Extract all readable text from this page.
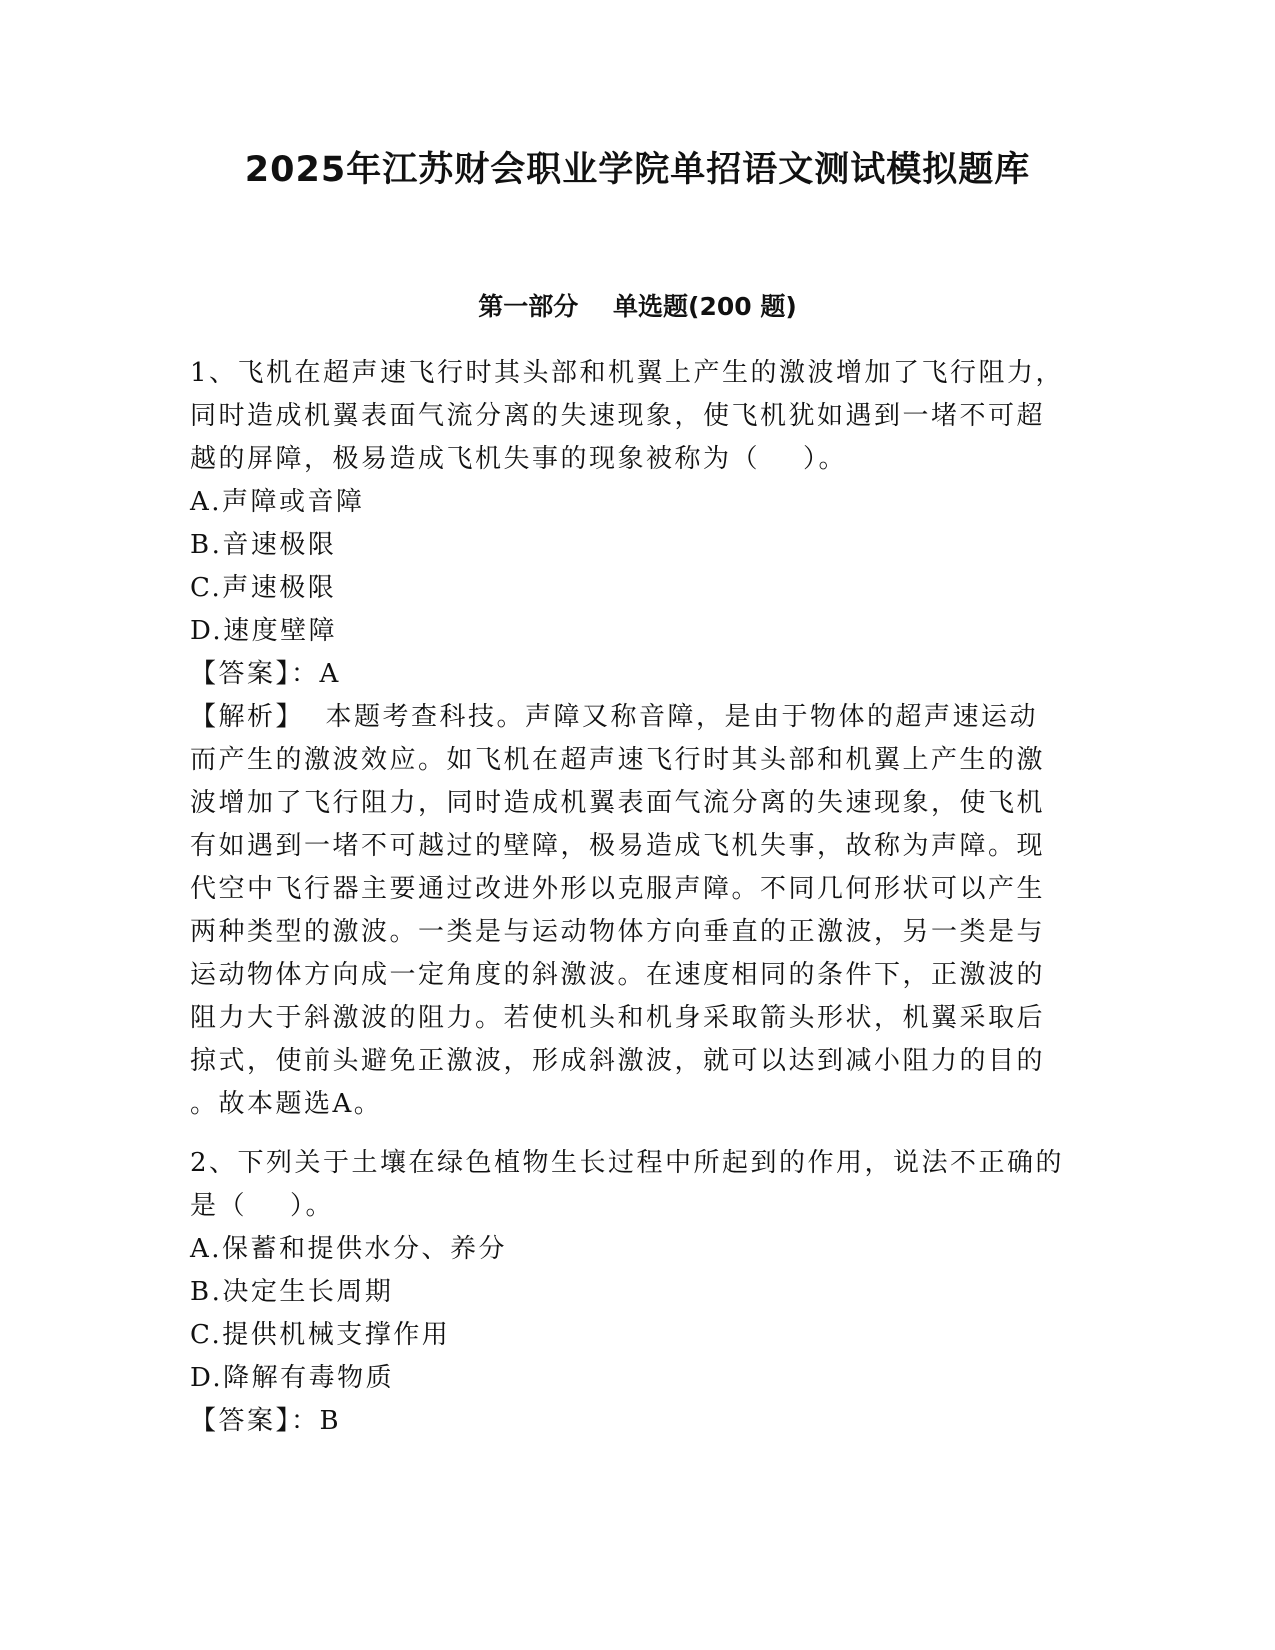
2025年江苏财会职业学院单招语文测试模拟题库
第一部分    单选题(200 题)
1、飞机在超声速飞行时其头部和机翼上产生的激波增加了飞行阻力，
同时造成机翼表面气流分离的失速现象，使飞机犹如遇到一堵不可超
越的屏障，极易造成飞机失事的现象被称为（    ）。
A.声障或音障
B.音速极限
C.声速极限
D.速度壁障
【答案】：A
【解析】  本题考查科技。声障又称音障，是由于物体的超声速运动
而产生的激波效应。如飞机在超声速飞行时其头部和机翼上产生的激
波增加了飞行阻力，同时造成机翼表面气流分离的失速现象，使飞机
有如遇到一堵不可越过的壁障，极易造成飞机失事，故称为声障。现
代空中飞行器主要通过改进外形以克服声障。不同几何形状可以产生
两种类型的激波。一类是与运动物体方向垂直的正激波，另一类是与
运动物体方向成一定角度的斜激波。在速度相同的条件下，正激波的
阻力大于斜激波的阻力。若使机头和机身采取箭头形状，机翼采取后
掠式，使前头避免正激波，形成斜激波，就可以达到减小阻力的目的
。故本题选A。
2、下列关于土壤在绿色植物生长过程中所起到的作用，说法不正确的
是（    ）。
A.保蓄和提供水分、养分
B.决定生长周期
C.提供机械支撑作用
D.降解有毒物质
【答案】：B
